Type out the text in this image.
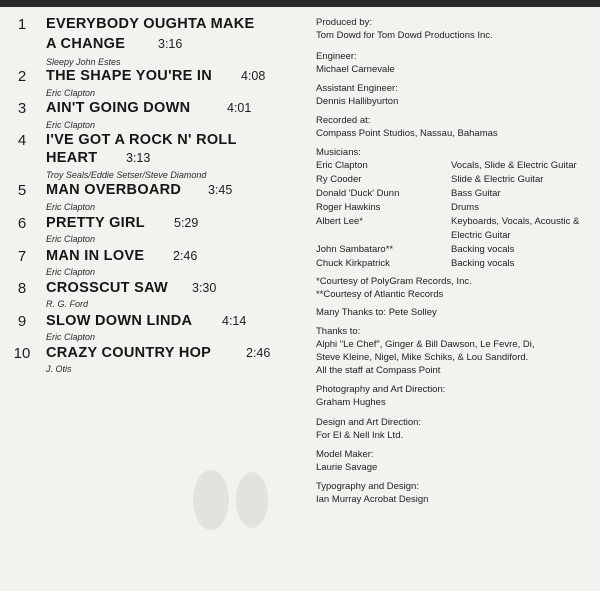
1	EVERYBODY OUGHTA MAKE
A CHANGE	3:16
Sleepy John Estes
2	THE SHAPE YOU'RE IN 4:08
Eric Clapton
3	AIN'T GOING DOWN	4:01
Eric Clapton
4	I'VE GOT A ROCK N' ROLL
HEART 3:13
Troy Seals/Eddie Setser/Steve Diamond
5	MAN OVERBOARD 3:45
Eric Clapton
6	PRETTY GIRL 5:29
Eric Clapton
7	MAN IN LOVE 2:46
Eric Clapton
8	CROSSCUT SAW 3:30
R. G. Ford
9	SLOW DOWN LINDA 4:14
Eric Clapton
10 CRAZY COUNTRY HOP	2:46
J. Otis
Produced by:
Tom Dowd for Tom Dowd Productions Inc.
Engineer:
Michael Carnevale
Assistant Engineer:
Dennis Hallibyurton
Recorded at:
Compass Point Studios, Nassau, Bahamas
Musicians:
Eric Clapton	Vocals, Slide & Electric Guitar
Ry Cooder	Slide & Electric Guitar
Donald 'Duck' Dunn	Bass Guitar
Roger Hawkins	Drums
Albert Lee*	Keyboards, Vocals, Acoustic &
Electric Guitar
John Sambataro**	Backing vocals
Chuck Kirkpatrick	Backing vocals
*Courtesy of PolyGram Records, Inc.
**Courtesy of Atlantic Records
Many Thanks to: Pete Solley
Thanks to:
Alphi "Le Chef", Ginger & Bill Dawson, Le Fevre, Di,
Steve Kleine, Nigel, Mike Schiks, & Lou Sandiford.
All the staff at Compass Point
Photography and Art Direction:
Graham Hughes
Design and Art Direction:
For El & Nell Ink Ltd.
Model Maker:
Laurie Savage
Typography and Design:
Ian Murray Acrobat Design
